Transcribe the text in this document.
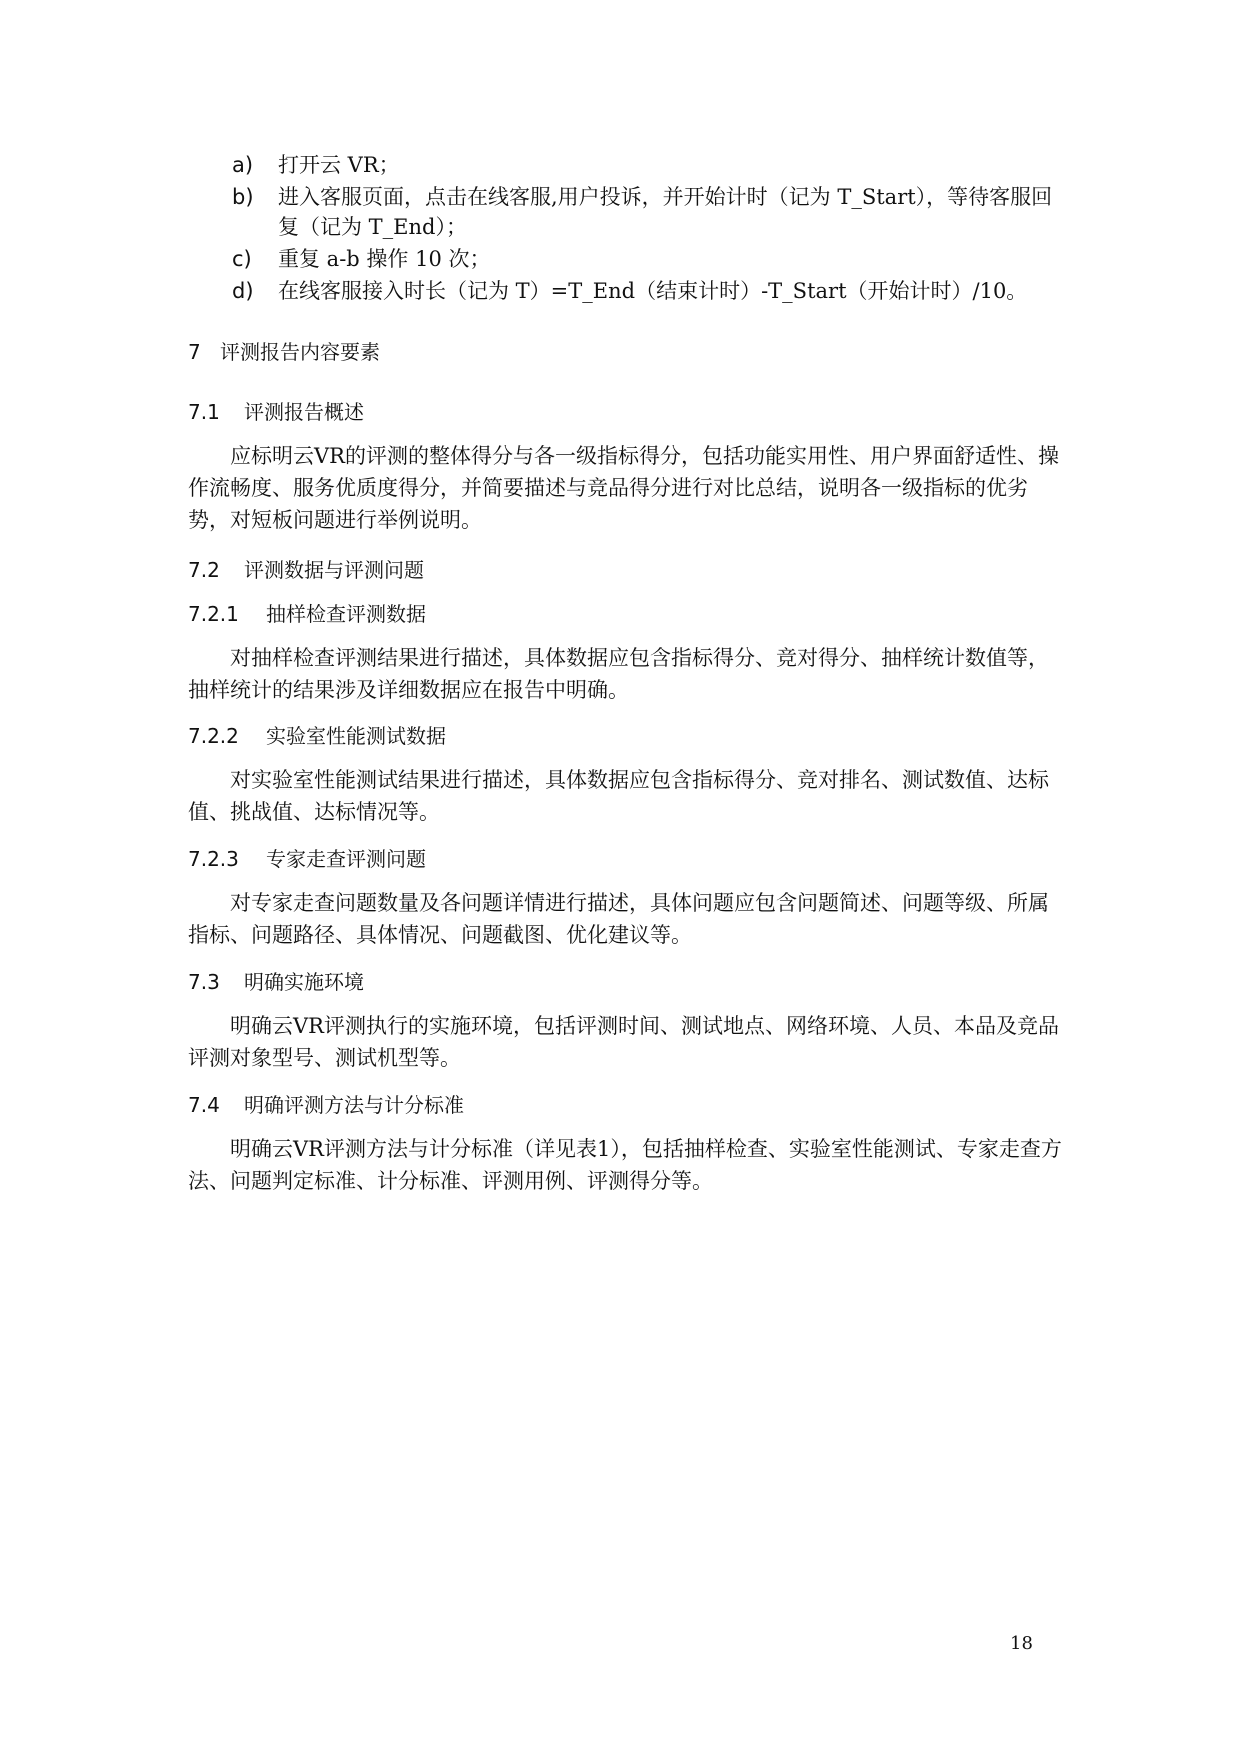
a)	打开云 VR；
b)	进入客服页面，点击在线客服,用户投诉，并开始计时（记为 T_Start），等待客服回复（记为 T_End）；
c)	重复 a-b 操作 10 次；
d)	在线客服接入时长（记为 T）=T_End（结束计时）-T_Start（开始计时）/10。
7 评测报告内容要素
7.1 评测报告概述
应标明云VR的评测的整体得分与各一级指标得分，包括功能实用性、用户界面舒适性、操作流畅度、服务优质度得分，并简要描述与竞品得分进行对比总结，说明各一级指标的优劣势，对短板问题进行举例说明。
7.2 评测数据与评测问题
7.2.1 抽样检查评测数据
对抽样检查评测结果进行描述，具体数据应包含指标得分、竞对得分、抽样统计数值等，抽样统计的结果涉及详细数据应在报告中明确。
7.2.2 实验室性能测试数据
对实验室性能测试结果进行描述，具体数据应包含指标得分、竞对排名、测试数值、达标值、挑战值、达标情况等。
7.2.3 专家走查评测问题
对专家走查问题数量及各问题详情进行描述，具体问题应包含问题简述、问题等级、所属指标、问题路径、具体情况、问题截图、优化建议等。
7.3 明确实施环境
明确云VR评测执行的实施环境，包括评测时间、测试地点、网络环境、人员、本品及竞品评测对象型号、测试机型等。
7.4 明确评测方法与计分标准
明确云VR评测方法与计分标准（详见表1），包括抽样检查、实验室性能测试、专家走查方法、问题判定标准、计分标准、评测用例、评测得分等。
18
